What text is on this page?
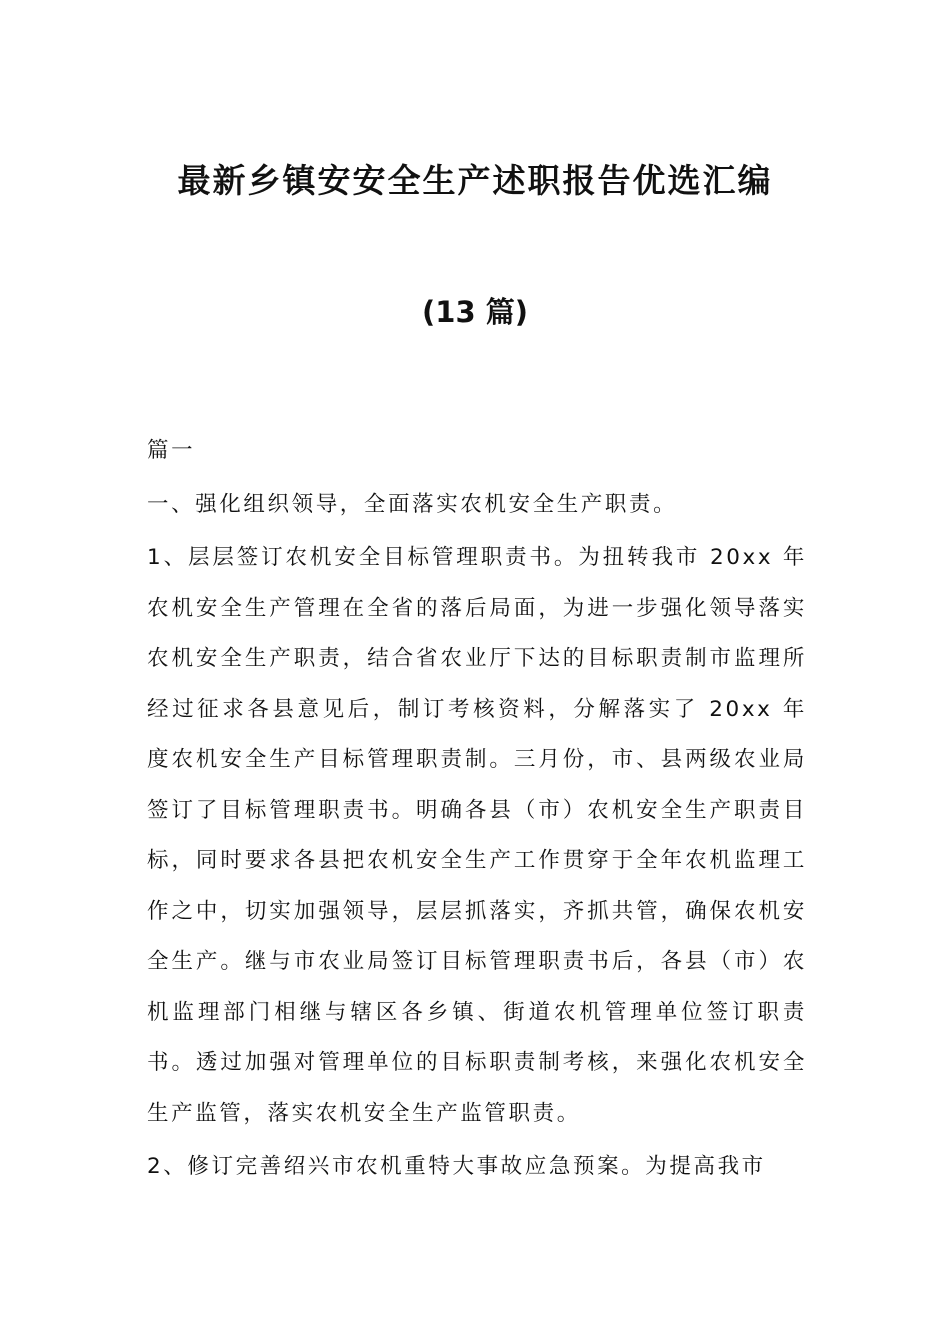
最新乡镇安安全生产述职报告优选汇编
(13 篇)

篇一

一、强化组织领导，全面落实农机安全生产职责。

1、层层签订农机安全目标管理职责书。为扭转我市 20xx 年农机安全生产管理在全省的落后局面，为进一步强化领导落实农机安全生产职责，结合省农业厅下达的目标职责制市监理所经过征求各县意见后，制订考核资料，分解落实了 20xx 年度农机安全生产目标管理职责制。三月份，市、县两级农业局签订了目标管理职责书。明确各县（市）农机安全生产职责目标，同时要求各县把农机安全生产工作贯穿于全年农机监理工作之中，切实加强领导，层层抓落实，齐抓共管，确保农机安全生产。继与市农业局签订目标管理职责书后，各县（市）农机监理部门相继与辖区各乡镇、街道农机管理单位签订职责书。透过加强对管理单位的目标职责制考核，来强化农机安全生产监管，落实农机安全生产监管职责。

2、修订完善绍兴市农机重特大事故应急预案。为提高我市
